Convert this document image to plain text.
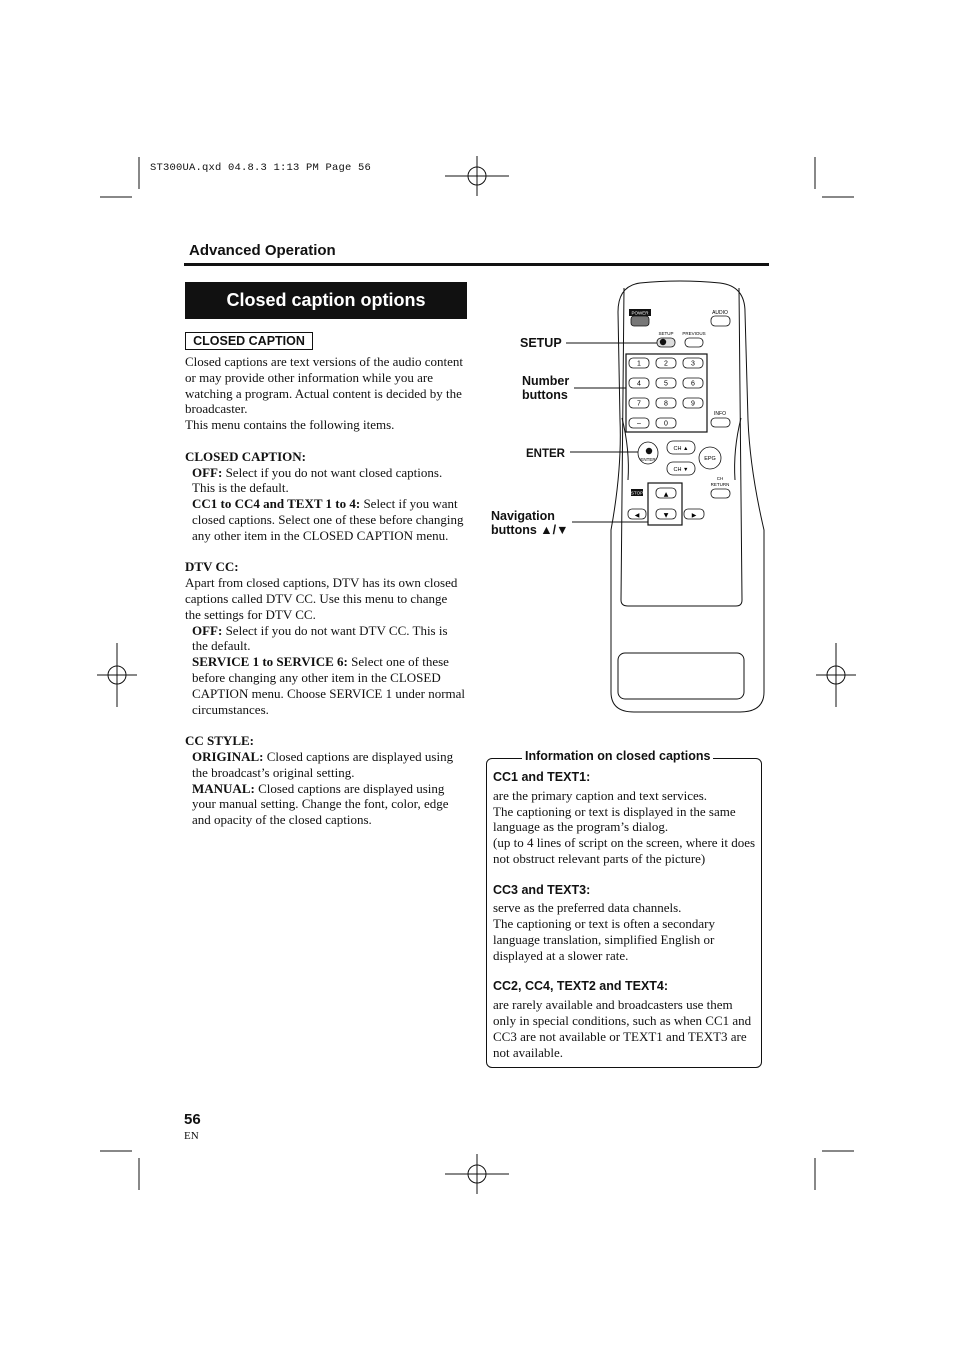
ST300UA.qxd 04.8.3 1:13 PM Page 56
Advanced Operation
Closed caption options
CLOSED CAPTION

Closed captions are text versions of the audio content

or may provide other information while you are

watching a program. Actual content is decided by the

broadcaster.

This menu contains the following items.

CLOSED CAPTION:

OFF: Select if you do not want closed captions.

This is the default.

CC1 to CC4 and TEXT 1 to 4: Select if you want

closed captions. Select one of these before changing

any other item in the CLOSED CAPTION menu.

DTV CC:

Apart from closed captions, DTV has its own closed

captions called DTV CC. Use this menu to change

the settings for DTV CC.

OFF: Select if you do not want DTV CC. This is

the default.

SERVICE 1 to SERVICE 6: Select one of these

before changing any other item in the CLOSED

CAPTION menu. Choose SERVICE 1 under normal

circumstances.

CC STYLE:

ORIGINAL: Closed captions are displayed using

the broadcast’s original setting.

MANUAL: Closed captions are displayed using

your manual setting. Change the font, color, edge

and opacity of the closed captions.

SETUP
Number
buttons
ENTER
Navigation
buttons ▲/▼
POWER	AUDIO
SETUP PREVIOUS
1	2	3
4	5	6
7	8	9
–	0
INFO
ENTER
CH ▲
CH ▼
EPG
CH
RETURN
STOP	▲
▼
◀	▶
Information on closed captions

CC1 and TEXT1:

are the primary caption and text services.

The captioning or text is displayed in the same

language as the program’s dialog.

(up to 4 lines of script on the screen, where it does

not obstruct relevant parts of the picture)

CC3 and TEXT3:

serve as the preferred data channels.

The captioning or text is often a secondary

language translation, simplified English or

displayed at a slower rate.

CC2, CC4, TEXT2 and TEXT4:

are rarely available and broadcasters use them

only in special conditions, such as when CC1 and

CC3 are not available or TEXT1 and TEXT3 are

not available.

56
EN
